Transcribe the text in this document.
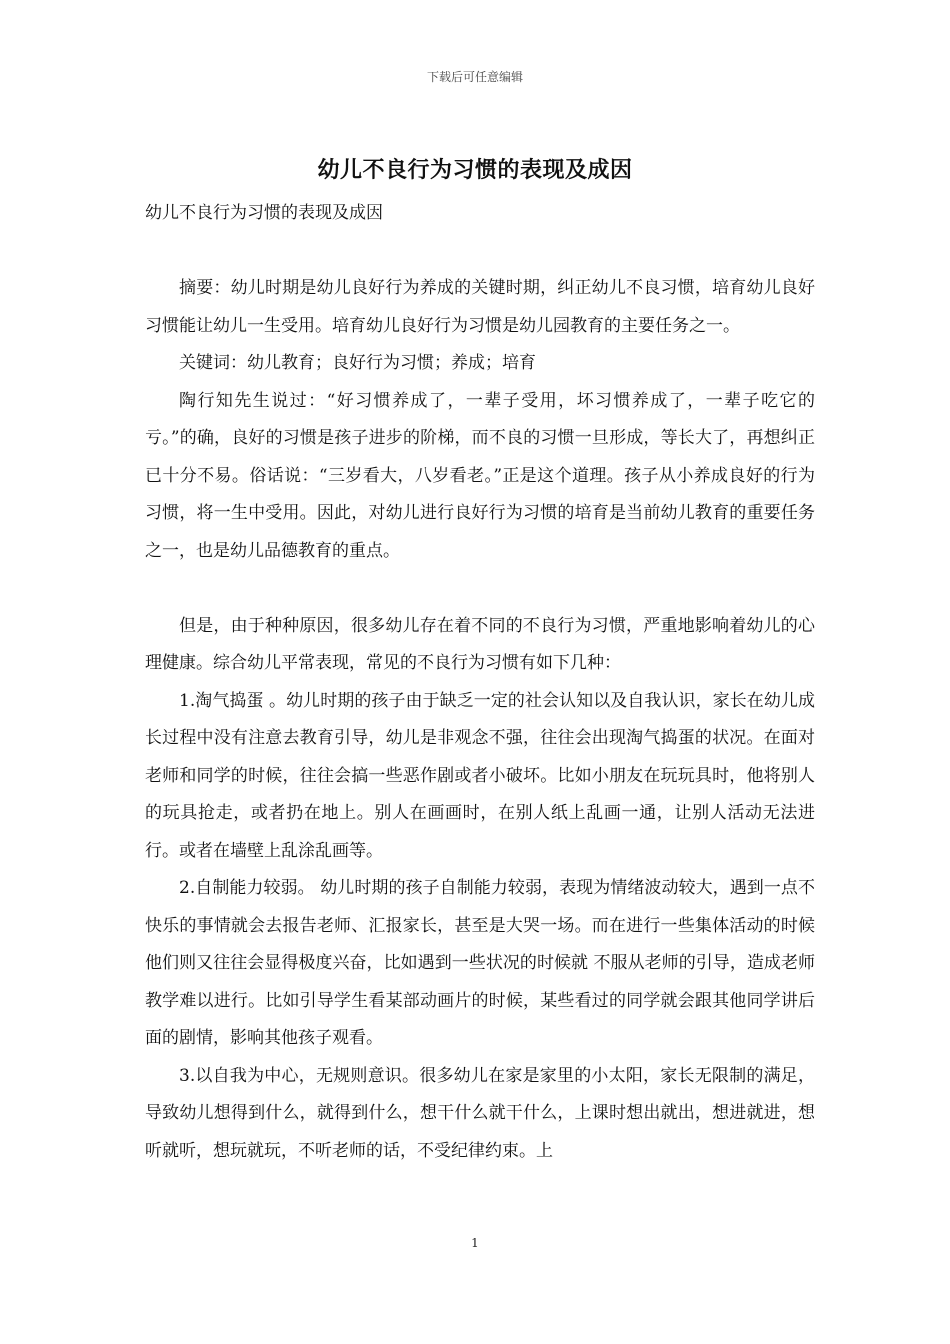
下载后可任意编辑
幼儿不良行为习惯的表现及成因

幼儿不良行为习惯的表现及成因

摘要：幼儿时期是幼儿良好行为养成的关键时期，纠正幼儿不良习惯，培育幼儿良好习惯能让幼儿一生受用。培育幼儿良好行为习惯是幼儿园教育的主要任务之一。

关键词：幼儿教育；良好行为习惯；养成；培育

陶行知先生说过：“好习惯养成了，一辈子受用，坏习惯养成了，一辈子吃它的亏。”的确，良好的习惯是孩子进步的阶梯，而不良的习惯一旦形成，等长大了，再想纠正已十分不易。俗话说：“三岁看大，八岁看老。”正是这个道理。孩子从小养成良好的行为习惯，将一生中受用。因此，对幼儿进行良好行为习惯的培育是当前幼儿教育的重要任务之一，也是幼儿品德教育的重点。

但是，由于种种原因，很多幼儿存在着不同的不良行为习惯，严重地影响着幼儿的心理健康。综合幼儿平常表现，常见的不良行为习惯有如下几种：

1.淘气捣蛋 。幼儿时期的孩子由于缺乏一定的社会认知以及自我认识，家长在幼儿成长过程中没有注意去教育引导，幼儿是非观念不强，往往会出现淘气捣蛋的状况。在面对老师和同学的时候，往往会搞一些恶作剧或者小破坏。比如小朋友在玩玩具时，他将别人的玩具抢走，或者扔在地上。别人在画画时，在别人纸上乱画一通，让别人活动无法进行。或者在墙壁上乱涂乱画等。

2.自制能力较弱。 幼儿时期的孩子自制能力较弱，表现为情绪波动较大，遇到一点不快乐的事情就会去报告老师、汇报家长，甚至是大哭一场。而在进行一些集体活动的时候他们则又往往会显得极度兴奋，比如遇到一些状况的时候就 不服从老师的引导，造成老师教学难以进行。比如引导学生看某部动画片的时候，某些看过的同学就会跟其他同学讲后面的剧情，影响其他孩子观看。

3.以自我为中心，无规则意识。很多幼儿在家是家里的小太阳，家长无限制的满足，导致幼儿想得到什么，就得到什么，想干什么就干什么，上课时想出就出，想进就进，想听就听，想玩就玩，不听老师的话，不受纪律约束。上

1
